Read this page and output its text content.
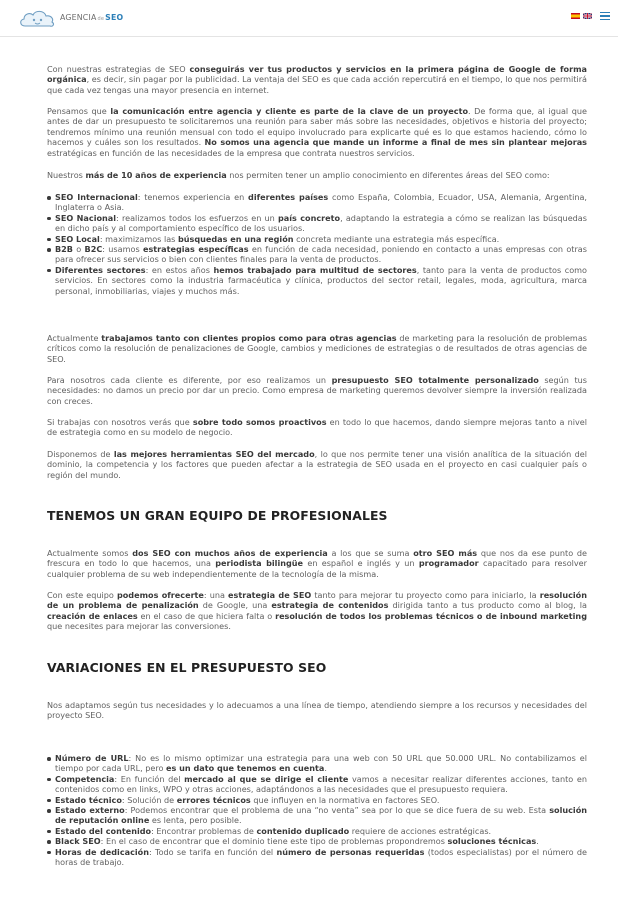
AGENCIAdeSEO

Con nuestras estrategias de SEO conseguirás ver tus productos y servicios en la primera página de Google de forma orgánica, es decir, sin pagar por la publicidad. La ventaja del SEO es que cada acción repercutirá en el tiempo, lo que nos permitirá que cada vez tengas una mayor presencia en internet.

Pensamos que la comunicación entre agencia y cliente es parte de la clave de un proyecto. De forma que, al igual que antes de dar un presupuesto te solicitaremos una reunión para saber más sobre las necesidades, objetivos e historia del proyecto; tendremos mínimo una reunión mensual con todo el equipo involucrado para explicarte qué es lo que estamos haciendo, cómo lo hacemos y cuáles son los resultados. No somos una agencia que mande un informe a final de mes sin plantear mejoras estratégicas en función de las necesidades de la empresa que contrata nuestros servicios.

Nuestros más de 10 años de experiencia nos permiten tener un amplio conocimiento en diferentes áreas del SEO como:

SEO Internacional: tenemos experiencia en diferentes países como España, Colombia, Ecuador, USA, Alemania, Argentina, Inglaterra o Asia.
SEO Nacional: realizamos todos los esfuerzos en un país concreto, adaptando la estrategia a cómo se realizan las búsquedas en dicho país y al comportamiento específico de los usuarios.
SEO Local: maximizamos las búsquedas en una región concreta mediante una estrategia más específica.
B2B o B2C: usamos estrategias específicas en función de cada necesidad, poniendo en contacto a unas empresas con otras para ofrecer sus servicios o bien con clientes finales para la venta de productos.
Diferentes sectores: en estos años hemos trabajado para multitud de sectores, tanto para la venta de productos como servicios. En sectores como la industria farmacéutica y clínica, productos del sector retail, legales, moda, agricultura, marca personal, inmobiliarias, viajes y muchos más.

Actualmente trabajamos tanto con clientes propios como para otras agencias de marketing para la resolución de problemas críticos como la resolución de penalizaciones de Google, cambios y mediciones de estrategias o de resultados de otras agencias de SEO.

Para nosotros cada cliente es diferente, por eso realizamos un presupuesto SEO totalmente personalizado según tus necesidades: no damos un precio por dar un precio. Como empresa de marketing queremos devolver siempre la inversión realizada con creces.

Si trabajas con nosotros verás que sobre todo somos proactivos en todo lo que hacemos, dando siempre mejoras tanto a nivel de estrategia como en su modelo de negocio.

Disponemos de las mejores herramientas SEO del mercado, lo que nos permite tener una visión analítica de la situación del dominio, la competencia y los factores que pueden afectar a la estrategia de SEO usada en el proyecto en casi cualquier país o región del mundo.

TENEMOS UN GRAN EQUIPO DE PROFESIONALES

Actualmente somos dos SEO con muchos años de experiencia a los que se suma otro SEO más que nos da ese punto de frescura en todo lo que hacemos, una periodista bilingüe en español e inglés y un programador capacitado para resolver cualquier problema de su web independientemente de la tecnología de la misma.

Con este equipo podemos ofrecerte: una estrategia de SEO tanto para mejorar tu proyecto como para iniciarlo, la resolución de un problema de penalización de Google, una estrategia de contenidos dirigida tanto a tus producto como al blog, la creación de enlaces en el caso de que hiciera falta o resolución de todos los problemas técnicos o de inbound marketing que necesites para mejorar las conversiones.

VARIACIONES EN EL PRESUPUESTO SEO

Nos adaptamos según tus necesidades y lo adecuamos a una línea de tiempo, atendiendo siempre a los recursos y necesidades del proyecto SEO.

Número de URL: No es lo mismo optimizar una estrategia para una web con 50 URL que 50.000 URL. No contabilizamos el tiempo por cada URL, pero es un dato que tenemos en cuenta.
Competencia: En función del mercado al que se dirige el cliente vamos a necesitar realizar diferentes acciones, tanto en contenidos como en links, WPO y otras acciones, adaptándonos a las necesidades que el presupuesto requiera.
Estado técnico: Solución de errores técnicos que influyen en la normativa en factores SEO.
Estado externo: Podemos encontrar que el problema de una “no venta” sea por lo que se dice fuera de su web. Esta solución de reputación online es lenta, pero posible.
Estado del contenido: Encontrar problemas de contenido duplicado requiere de acciones estratégicas.
Black SEO: En el caso de encontrar que el dominio tiene este tipo de problemas propondremos soluciones técnicas.
Horas de dedicación: Todo se tarifa en función del número de personas requeridas (todos especialistas) por el número de horas de trabajo.
